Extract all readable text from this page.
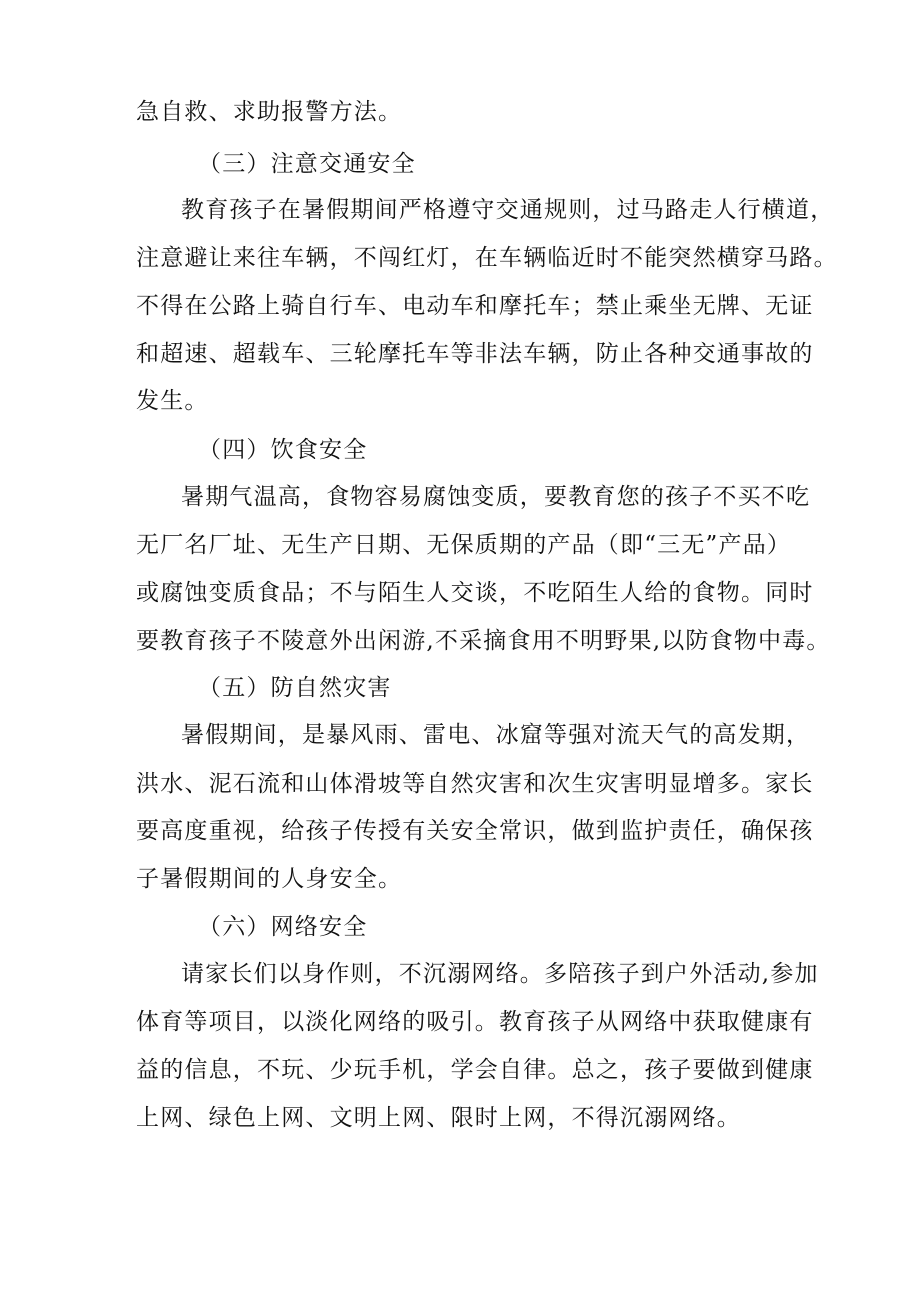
急自救、求助报警方法。
（三）注意交通安全
教育孩子在暑假期间严格遵守交通规则，过马路走人行横道，
注意避让来往车辆，不闯红灯，在车辆临近时不能突然横穿马路。
不得在公路上骑自行车、电动车和摩托车；禁止乘坐无牌、无证
和超速、超载车、三轮摩托车等非法车辆，防止各种交通事故的
发生。
（四）饮食安全
暑期气温高，食物容易腐蚀变质，要教育您的孩子不买不吃
无厂名厂址、无生产日期、无保质期的产品（即“三无”产品）
或腐蚀变质食品；不与陌生人交谈，不吃陌生人给的食物。同时
要教育孩子不陵意外出闲游,不采摘食用不明野果,以防食物中毒。
（五）防自然灾害
暑假期间，是暴风雨、雷电、冰窟等强对流天气的高发期，
洪水、泥石流和山体滑坡等自然灾害和次生灾害明显增多。家长
要高度重视，给孩子传授有关安全常识，做到监护责任，确保孩
子暑假期间的人身安全。
（六）网络安全
请家长们以身作则，不沉溺网络。多陪孩子到户外活动,参加
体育等项目，以淡化网络的吸引。教育孩子从网络中获取健康有
益的信息，不玩、少玩手机，学会自律。总之，孩子要做到健康
上网、绿色上网、文明上网、限时上网，不得沉溺网络。
